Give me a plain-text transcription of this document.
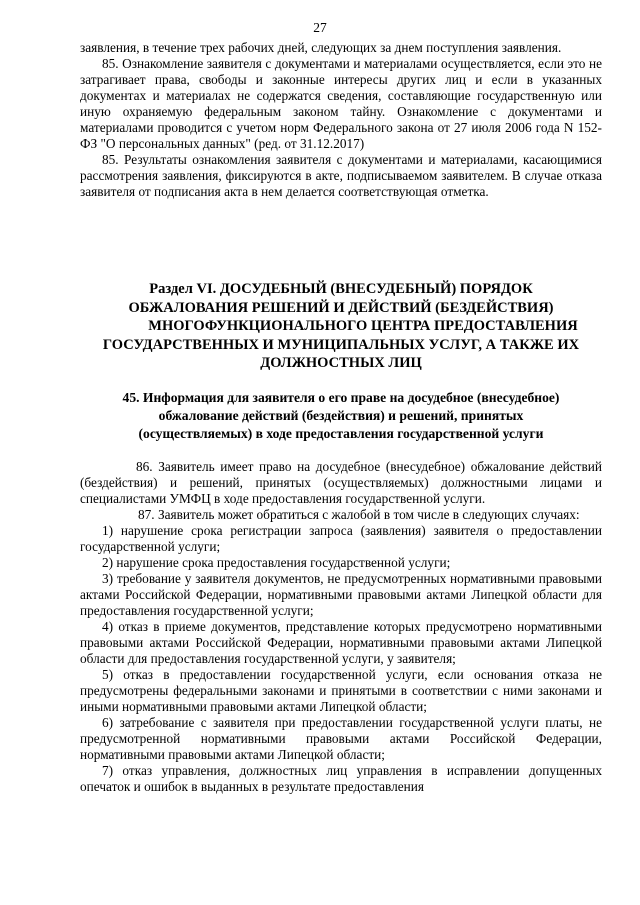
27

заявления, в течение трех рабочих дней, следующих за днем поступления заявления.

85. Ознакомление заявителя с документами и материалами осуществляется, если это не затрагивает права, свободы и законные интересы других лиц и если в указанных документах и материалах не содержатся сведения, составляющие государственную или иную охраняемую федеральным законом тайну. Ознакомление с документами и материалами проводится с учетом норм Федерального закона от 27 июля 2006 года N 152-ФЗ "О персональных данных" (ред. от 31.12.2017)

85. Результаты ознакомления заявителя с документами и материалами, касающимися рассмотрения заявления, фиксируются в акте, подписываемом заявителем. В случае отказа заявителя от подписания акта в нем делается соответствующая отметка.

Раздел VI. ДОСУДЕБНЫЙ (ВНЕСУДЕБНЫЙ) ПОРЯДОК
ОБЖАЛОВАНИЯ РЕШЕНИЙ И ДЕЙСТВИЙ (БЕЗДЕЙСТВИЯ)
МНОГОФУНКЦИОНАЛЬНОГО ЦЕНТРА ПРЕДОСТАВЛЕНИЯ
ГОСУДАРСТВЕННЫХ И МУНИЦИПАЛЬНЫХ УСЛУГ, А ТАКЖЕ ИХ
ДОЛЖНОСТНЫХ ЛИЦ
45. Информация для заявителя о его праве на досудебное (внесудебное)
обжалование действий (бездействия) и решений, принятых
(осуществляемых) в ходе предоставления государственной услуги

86. Заявитель имеет право на досудебное (внесудебное) обжалование действий (бездействия) и решений, принятых (осуществляемых) должностными лицами и специалистами УМФЦ в ходе предоставления государственной услуги.

87. Заявитель может обратиться с жалобой в том числе в следующих случаях:

1) нарушение срока регистрации запроса (заявления) заявителя о предоставлении государственной услуги;

2) нарушение срока предоставления государственной услуги;

3) требование у заявителя документов, не предусмотренных нормативными правовыми актами Российской Федерации, нормативными правовыми актами Липецкой области для предоставления государственной услуги;

4) отказ в приеме документов, представление которых предусмотрено нормативными правовыми актами Российской Федерации, нормативными правовыми актами Липецкой области для предоставления государственной услуги, у заявителя;

5) отказ в предоставлении государственной услуги, если основания отказа не предусмотрены федеральными законами и принятыми в соответствии с ними законами и иными нормативными правовыми актами Липецкой области;

6) затребование с заявителя при предоставлении государственной услуги платы, не предусмотренной нормативными правовыми актами Российской Федерации, нормативными правовыми актами Липецкой области;

7) отказ управления, должностных лиц управления в исправлении допущенных опечаток и ошибок в выданных в результате предоставления
